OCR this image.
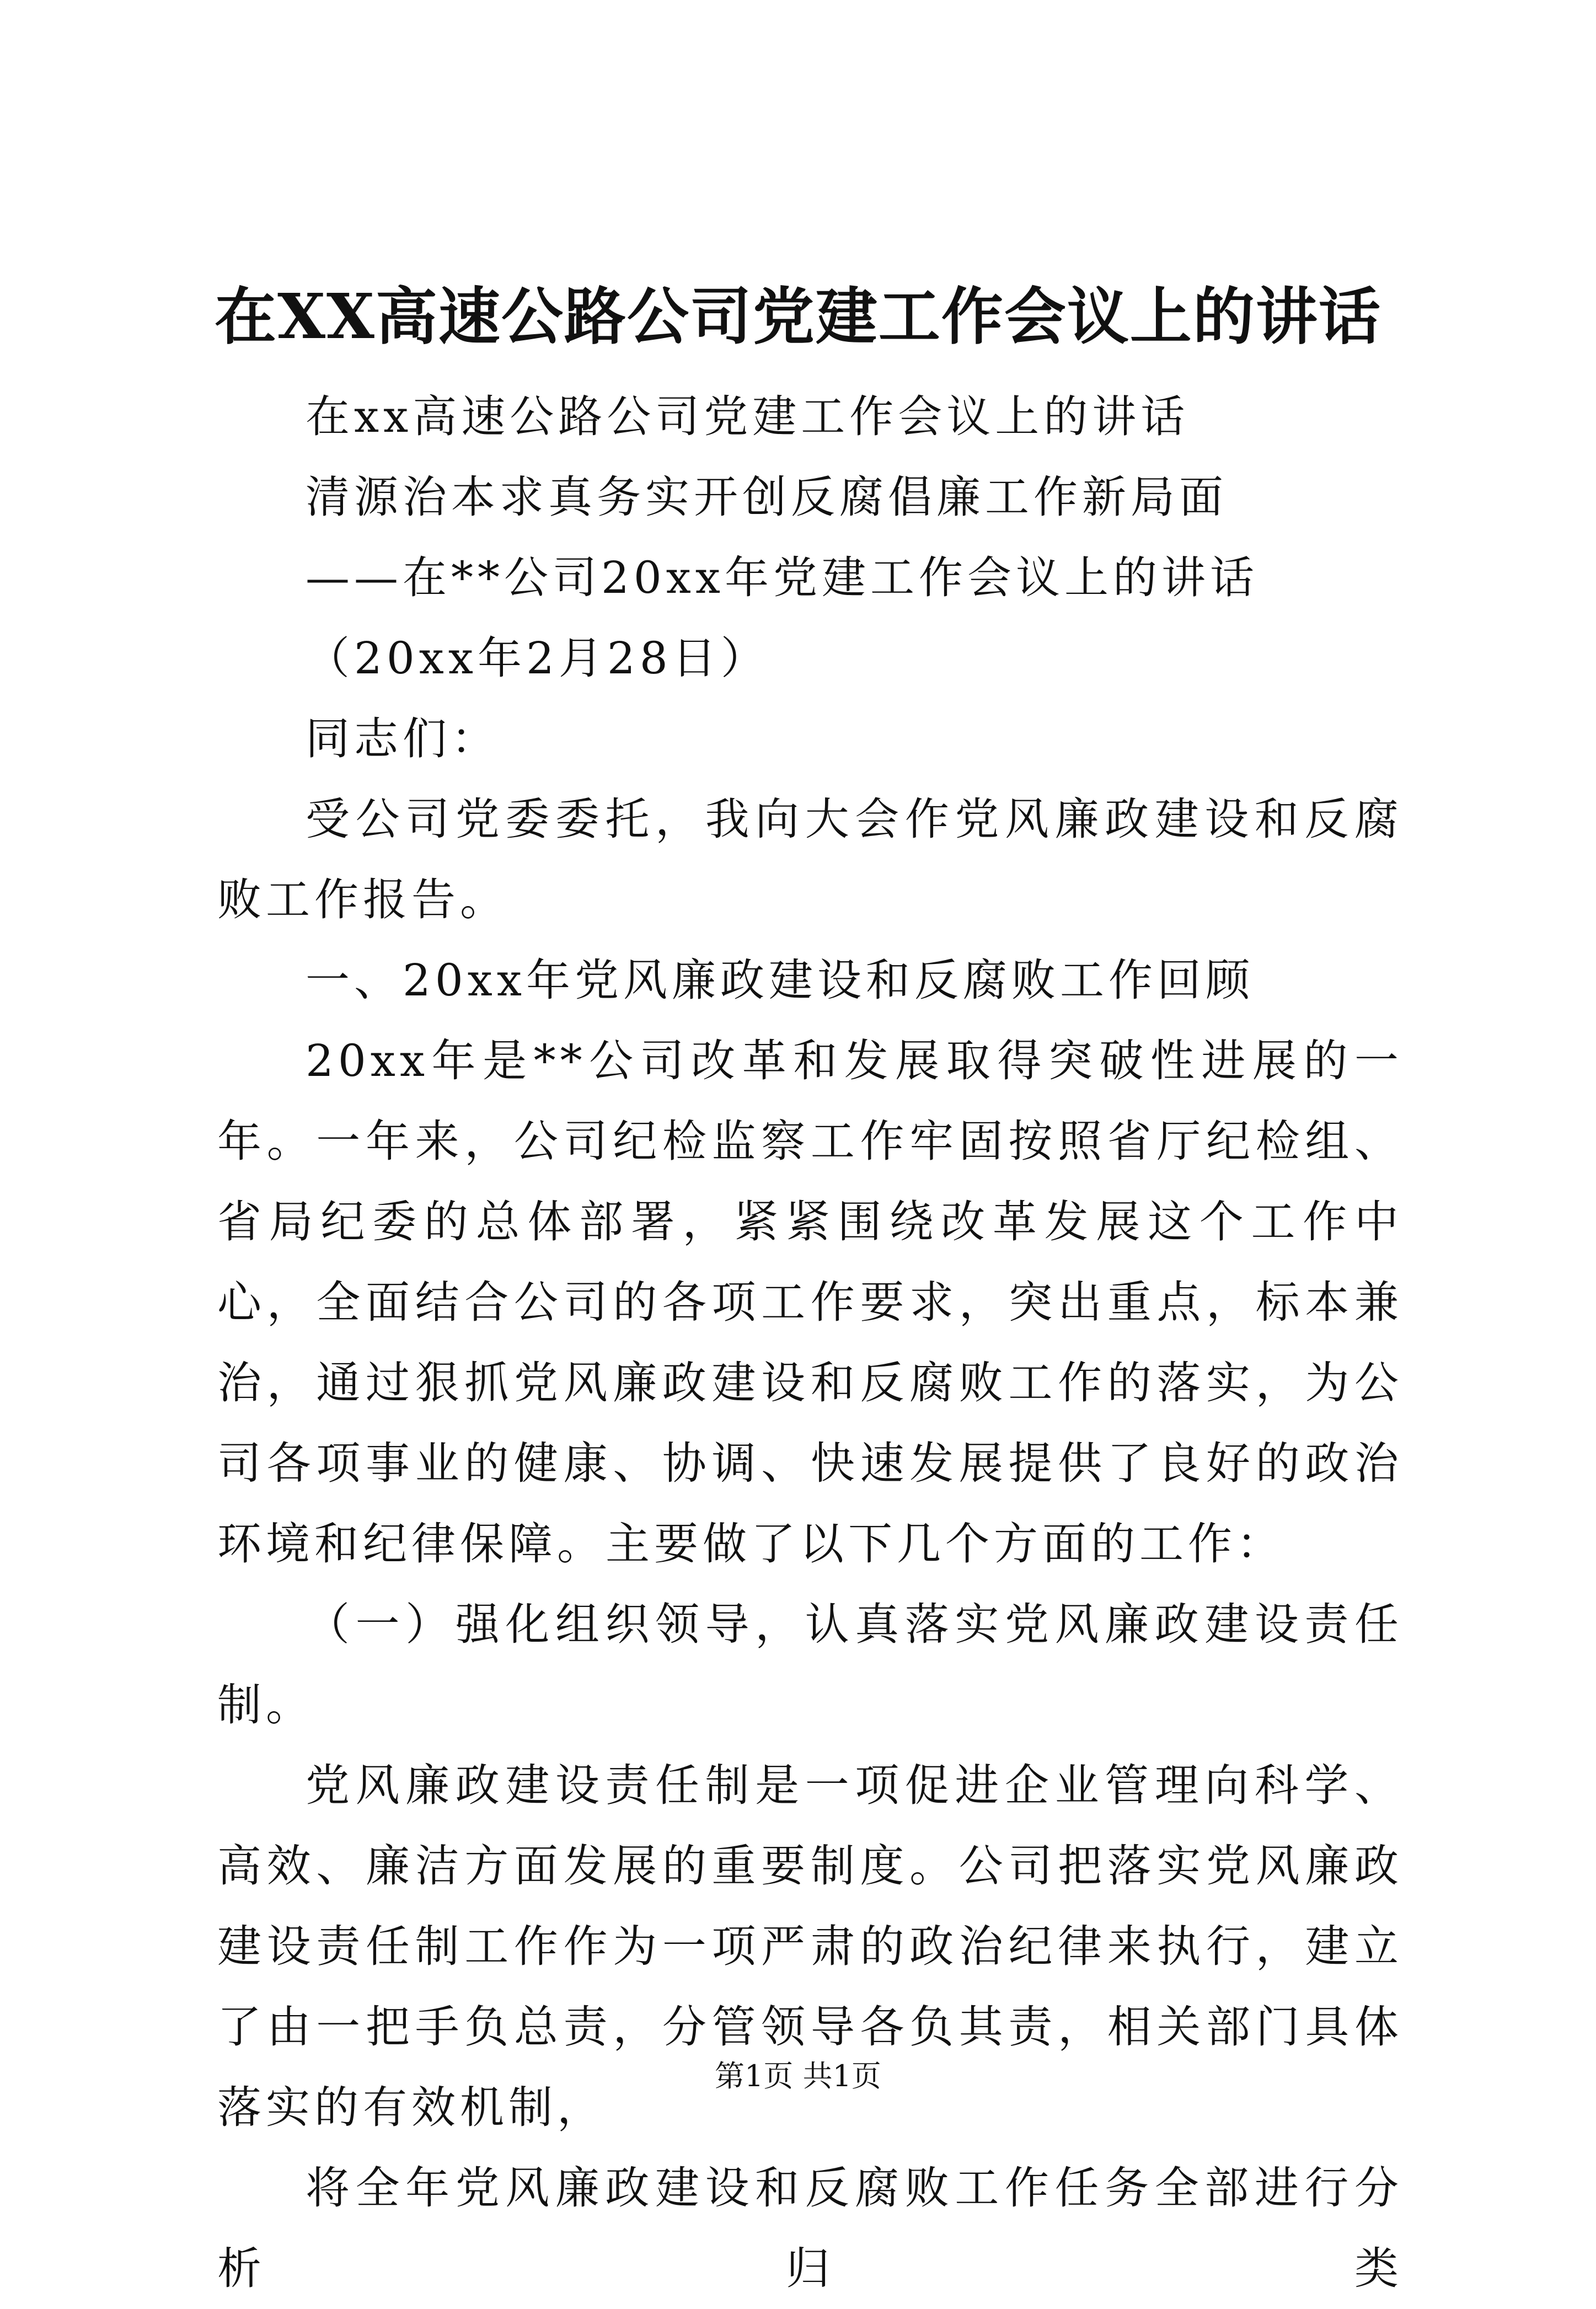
在XX高速公路公司党建工作会议上的讲话

在xx高速公路公司党建工作会议上的讲话

清源治本求真务实开创反腐倡廉工作新局面

——在**公司20xx年党建工作会议上的讲话

（20xx年2月28日）

同志们：

受公司党委委托，我向大会作党风廉政建设和反腐败工作报告。

一、20xx年党风廉政建设和反腐败工作回顾

20xx年是**公司改革和发展取得突破性进展的一年。一年来，公司纪检监察工作牢固按照省厅纪检组、省局纪委的总体部署，紧紧围绕改革发展这个工作中心，全面结合公司的各项工作要求，突出重点，标本兼治，通过狠抓党风廉政建设和反腐败工作的落实，为公司各项事业的健康、协调、快速发展提供了良好的政治环境和纪律保障。主要做了以下几个方面的工作：

（一）强化组织领导，认真落实党风廉政建设责任制。

党风廉政建设责任制是一项促进企业管理向科学、高效、廉洁方面发展的重要制度。公司把落实党风廉政建设责任制工作作为一项严肃的政治纪律来执行，建立了由一把手负总责，分管领导各负其责，相关部门具体落实的有效机制，

将全年党风廉政建设和反腐败工作任务全部进行分析归类

第1页 共1页
